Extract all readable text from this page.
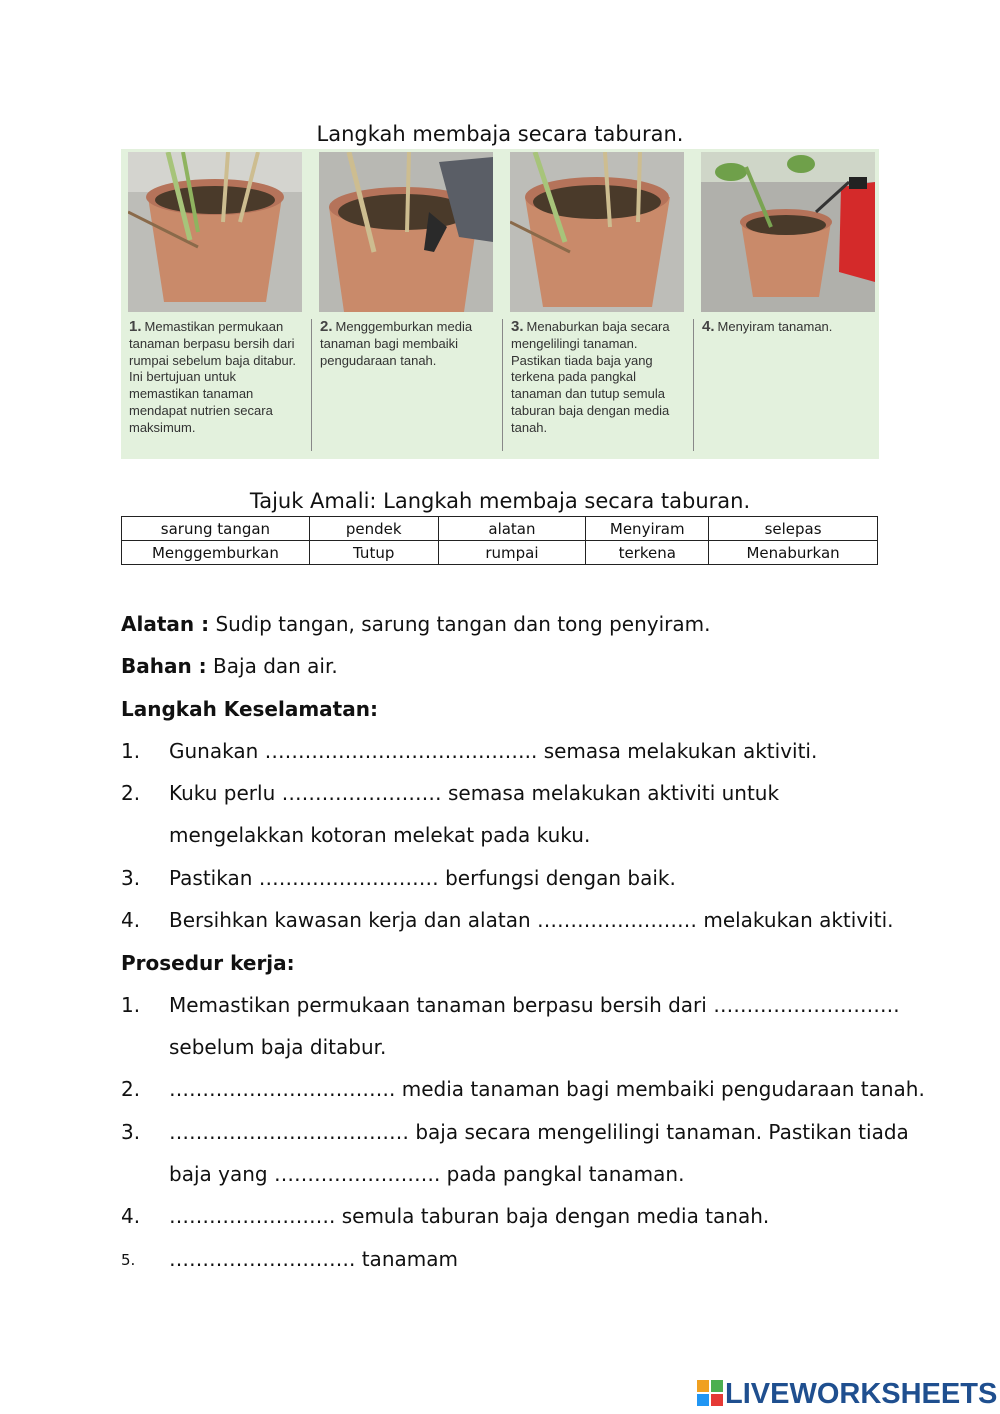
Langkah membaja secara taburan.
1. Memastikan permukaan tanaman berpasu bersih dari rumpai sebelum baja ditabur. Ini bertujuan untuk memastikan tanaman mendapat nutrien secara maksimum.
2. Menggemburkan media tanaman bagi membaiki pengudaraan tanah.
3. Menaburkan baja secara mengelilingi tanaman. Pastikan tiada baja yang terkena pada pangkal tanaman dan tutup semula taburan baja dengan media tanah.
4. Menyiram tanaman.
Tajuk Amali: Langkah membaja secara taburan.
sarung tangan	pendek	alatan	Menyiram	selepas
Menggemburkan	Tutup	rumpai	terkena	Menaburkan
Alatan : Sudip tangan, sarung tangan dan tong penyiram.
Bahan : Baja dan air.
Langkah Keselamatan:
1. Gunakan ………………………………….. semasa melakukan aktiviti.
2. Kuku perlu …………………… semasa melakukan aktiviti untuk
mengelakkan kotoran melekat pada kuku.
3. Pastikan ……………………… berfungsi dengan baik.
4. Bersihkan kawasan kerja dan alatan …………………… melakukan aktiviti.
Prosedur kerja:
1. Memastikan permukaan tanaman berpasu bersih dari ……………………….
sebelum baja ditabur.
2. ……………………………. media tanaman bagi membaiki pengudaraan tanah.
3. ……………………………… baja secara mengelilingi tanaman. Pastikan tiada
baja yang ……………………. pada pangkal tanaman.
4. ……………………. semula taburan baja dengan media tanah.
5. ………………………. tanamam
LIVEWORKSHEETS
